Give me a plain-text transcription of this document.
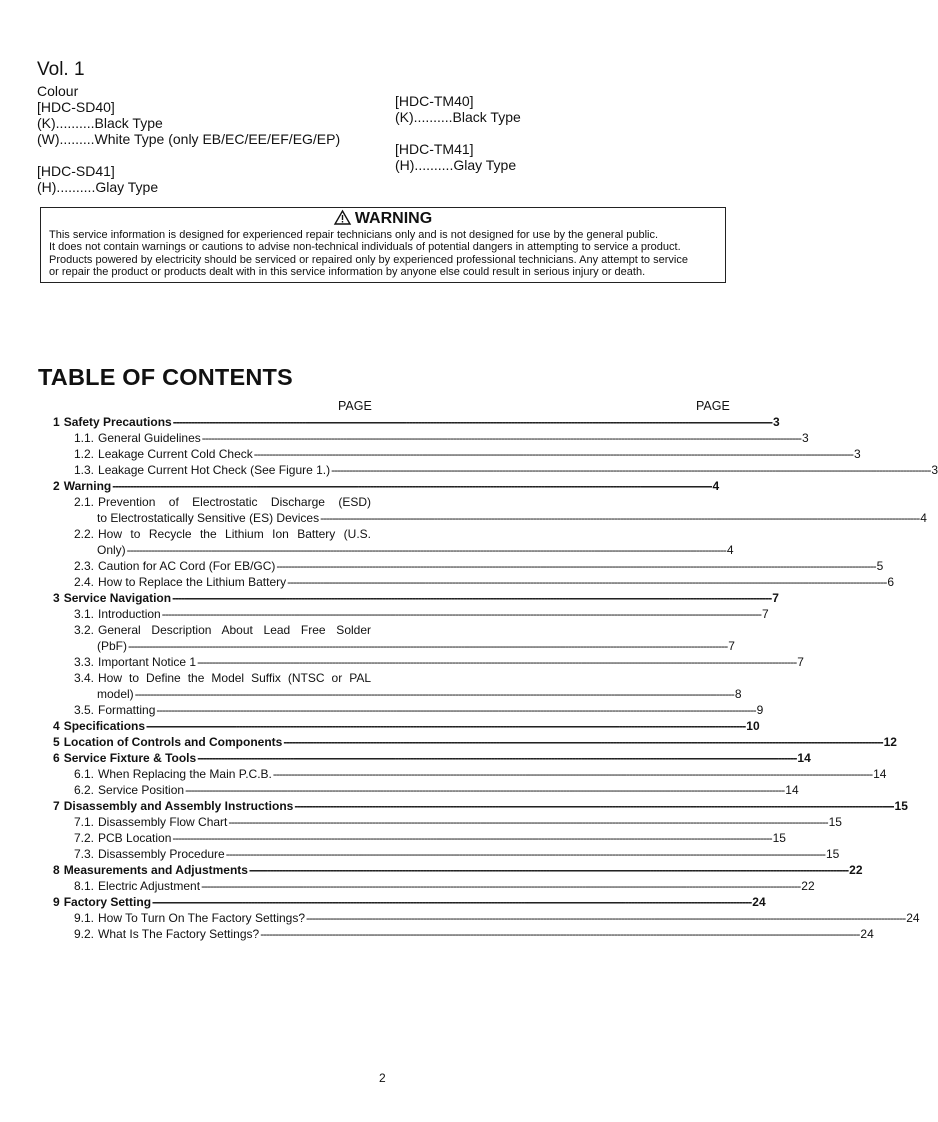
Vol. 1
Colour
[HDC-SD40]
(K)..........Black Type
(W).........White Type (only EB/EC/EE/EF/EG/EP)
[HDC-SD41]
(H)..........Glay Type
[HDC-TM40]
(K)..........Black Type
[HDC-TM41]
(H)..........Glay Type
WARNING
This service information is designed for experienced repair technicians only and is not designed for use by the general public.
It does not contain warnings or cautions to advise non-technical individuals of potential dangers in attempting to service a product.
Products powered by electricity should be serviced or repaired only by experienced professional technicians. Any attempt to service
or repair the product or products dealt with in this service information by anyone else could result in serious injury or death.
TABLE OF CONTENTS
PAGE	PAGE
1 Safety Precautions -------------------------------------------------------------------------------------------------------------------------------------------------------------------------------------------------------- 3
1.1. General Guidelines -------------------------------------------------------------------------------------------------------------------------------------------------------------------------------------------------------- 3
1.2. Leakage Current Cold Check -------------------------------------------------------------------------------------------------------------------------------------------------------------------------------------------------------- 3
1.3. Leakage Current Hot Check (See Figure 1.) -------------------------------------------------------------------------------------------------------------------------------------------------------------------------------------------------------- 3
2 Warning -------------------------------------------------------------------------------------------------------------------------------------------------------------------------------------------------------- 4
2.1. Prevention of Electrostatic Discharge (ESD)
to Electrostatically Sensitive (ES) Devices -------------------------------------------------------------------------------------------------------------------------------------------------------------------------------------------------------- 4
2.2. How to Recycle the Lithium Ion Battery (U.S.
Only) -------------------------------------------------------------------------------------------------------------------------------------------------------------------------------------------------------- 4
2.3. Caution for AC Cord (For EB/GC) -------------------------------------------------------------------------------------------------------------------------------------------------------------------------------------------------------- 5
2.4. How to Replace the Lithium Battery -------------------------------------------------------------------------------------------------------------------------------------------------------------------------------------------------------- 6
3 Service Navigation -------------------------------------------------------------------------------------------------------------------------------------------------------------------------------------------------------- 7
3.1. Introduction -------------------------------------------------------------------------------------------------------------------------------------------------------------------------------------------------------- 7
3.2. General Description About Lead Free Solder
(PbF) -------------------------------------------------------------------------------------------------------------------------------------------------------------------------------------------------------- 7
3.3. Important Notice 1 -------------------------------------------------------------------------------------------------------------------------------------------------------------------------------------------------------- 7
3.4. How to Define the Model Suffix (NTSC or PAL
model) -------------------------------------------------------------------------------------------------------------------------------------------------------------------------------------------------------- 8
3.5. Formatting -------------------------------------------------------------------------------------------------------------------------------------------------------------------------------------------------------- 9
4 Specifications -------------------------------------------------------------------------------------------------------------------------------------------------------------------------------------------------------- 10
5 Location of Controls and Components -------------------------------------------------------------------------------------------------------------------------------------------------------------------------------------------------------- 12
6 Service Fixture & Tools -------------------------------------------------------------------------------------------------------------------------------------------------------------------------------------------------------- 14
6.1. When Replacing the Main P.C.B. -------------------------------------------------------------------------------------------------------------------------------------------------------------------------------------------------------- 14
6.2. Service Position -------------------------------------------------------------------------------------------------------------------------------------------------------------------------------------------------------- 14
7 Disassembly and Assembly Instructions -------------------------------------------------------------------------------------------------------------------------------------------------------------------------------------------------------- 15
7.1. Disassembly Flow Chart -------------------------------------------------------------------------------------------------------------------------------------------------------------------------------------------------------- 15
7.2. PCB Location -------------------------------------------------------------------------------------------------------------------------------------------------------------------------------------------------------- 15
7.3. Disassembly Procedure -------------------------------------------------------------------------------------------------------------------------------------------------------------------------------------------------------- 15
8 Measurements and Adjustments -------------------------------------------------------------------------------------------------------------------------------------------------------------------------------------------------------- 22
8.1. Electric Adjustment -------------------------------------------------------------------------------------------------------------------------------------------------------------------------------------------------------- 22
9 Factory Setting -------------------------------------------------------------------------------------------------------------------------------------------------------------------------------------------------------- 24
9.1. How To Turn On The Factory Settings? -------------------------------------------------------------------------------------------------------------------------------------------------------------------------------------------------------- 24
9.2. What Is The Factory Settings? -------------------------------------------------------------------------------------------------------------------------------------------------------------------------------------------------------- 24
2
